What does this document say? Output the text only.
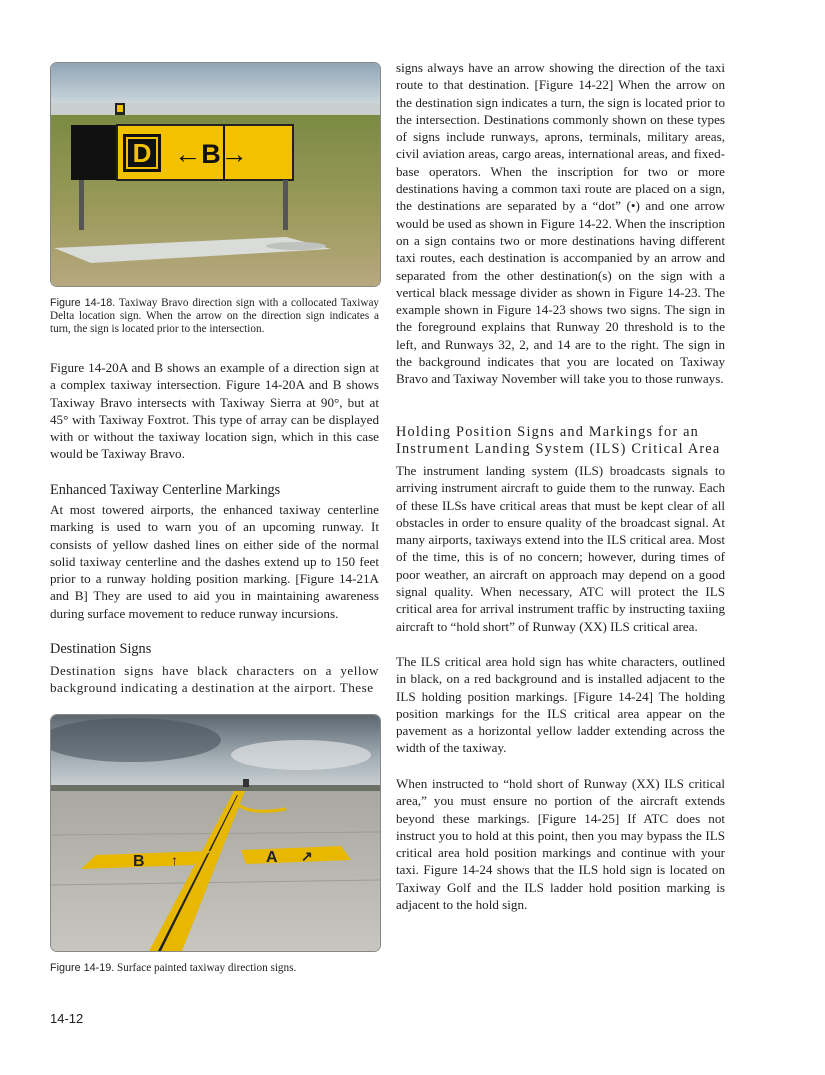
D ←B→
Figure 14-18. Taxiway Bravo direction sign with a collocated Taxiway Delta location sign. When the arrow on the direction sign indicates a turn, the sign is located prior to the intersection.

Figure 14-20A and B shows an example of a direction sign at a complex taxiway intersection. Figure 14-20A and B shows Taxiway Bravo intersects with Taxiway Sierra at 90°, but at 45° with Taxiway Foxtrot. This type of array can be displayed with or without the taxiway location sign, which in this case would be Taxiway Bravo.

Enhanced Taxiway Centerline Markings

At most towered airports, the enhanced taxiway centerline marking is used to warn you of an upcoming runway. It consists of yellow dashed lines on either side of the normal solid taxiway centerline and the dashes extend up to 150 feet prior to a runway holding position marking. [Figure 14-21A and B] They are used to aid you in maintaining awareness during surface movement to reduce runway incursions.

Destination Signs

Destination signs have black characters on a yellow background indicating a destination at the airport. These

B ↑	A ↗
Figure 14-19. Surface painted taxiway direction signs.

signs always have an arrow showing the direction of the taxi route to that destination. [Figure 14-22] When the arrow on the destination sign indicates a turn, the sign is located prior to the intersection. Destinations commonly shown on these types of signs include runways, aprons, terminals, military areas, civil aviation areas, cargo areas, international areas, and fixed-base operators. When the inscription for two or more destinations having a common taxi route are placed on a sign, the destinations are separated by a “dot” (•) and one arrow would be used as shown in Figure 14-22. When the inscription on a sign contains two or more destinations having different taxi routes, each destination is accompanied by an arrow and separated from the other destination(s) on the sign with a vertical black message divider as shown in Figure 14-23. The example shown in Figure 14-23 shows two signs. The sign in the foreground explains that Runway 20 threshold is to the left, and Runways 32, 2, and 14 are to the right. The sign in the background indicates that you are located on Taxiway Bravo and Taxiway November will take you to those runways.

Holding Position Signs and Markings for an Instrument Landing System (ILS) Critical Area

The instrument landing system (ILS) broadcasts signals to arriving instrument aircraft to guide them to the runway. Each of these ILSs have critical areas that must be kept clear of all obstacles in order to ensure quality of the broadcast signal. At many airports, taxiways extend into the ILS critical area. Most of the time, this is of no concern; however, during times of poor weather, an aircraft on approach may depend on a good signal quality. When necessary, ATC will protect the ILS critical area for arrival instrument traffic by instructing taxiing aircraft to “hold short” of Runway (XX) ILS critical area.

The ILS critical area hold sign has white characters, outlined in black, on a red background and is installed adjacent to the ILS holding position markings. [Figure 14-24] The holding position markings for the ILS critical area appear on the pavement as a horizontal yellow ladder extending across the width of the taxiway.

When instructed to “hold short of Runway (XX) ILS critical area,” you must ensure no portion of the aircraft extends beyond these markings. [Figure 14-25] If ATC does not instruct you to hold at this point, then you may bypass the ILS critical area hold position markings and continue with your taxi. Figure 14-24 shows that the ILS hold sign is located on Taxiway Golf and the ILS ladder hold position marking is adjacent to the hold sign.

14-12
